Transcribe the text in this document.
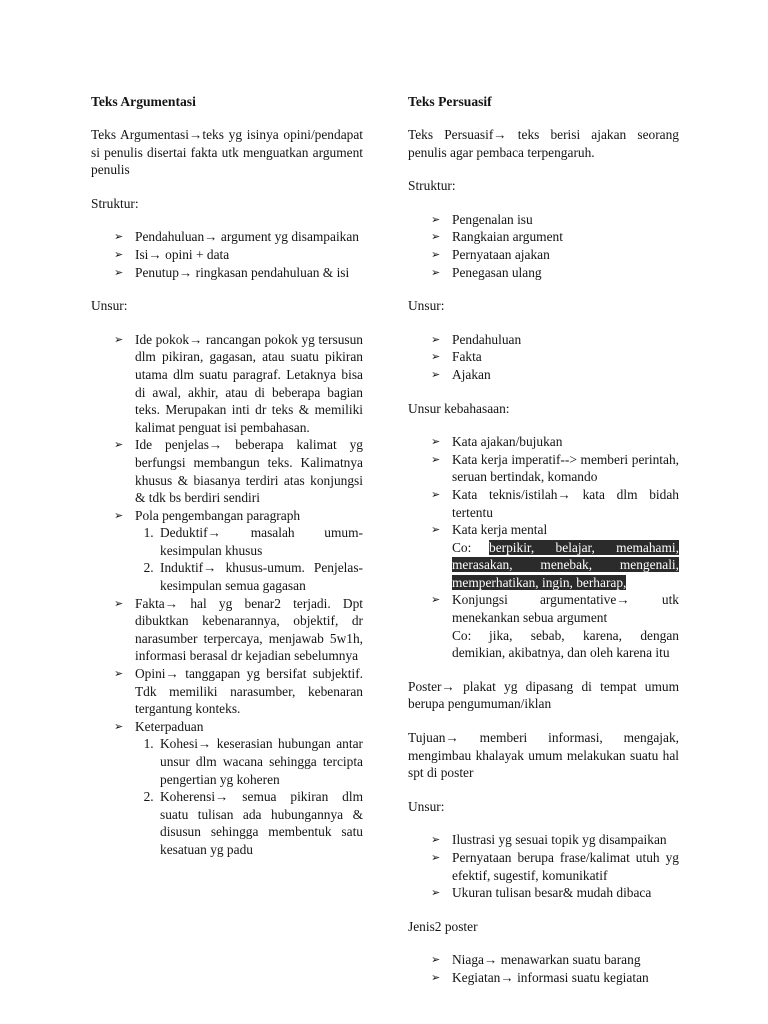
Teks Argumentasi

Teks Argumentasi→teks yg isinya opini/pendapat si penulis disertai fakta utk menguatkan argument penulis

Struktur:

➢ Pendahuluan→ argument yg disampaikan
➢ Isi→ opini + data
➢ Penutup→ ringkasan pendahuluan & isi

Unsur:

➢ Ide pokok→ rancangan pokok yg tersusun dlm pikiran, gagasan, atau suatu pikiran utama dlm suatu paragraf. Letaknya bisa di awal, akhir, atau di beberapa bagian teks. Merupakan inti dr teks & memiliki kalimat penguat isi pembahasan.
➢ Ide penjelas→ beberapa kalimat yg berfungsi membangun teks. Kalimatnya khusus & biasanya terdiri atas konjungsi & tdk bs berdiri sendiri
➢ Pola pengembangan paragraph
1. Deduktif→ masalah umum-kesimpulan khusus
2. Induktif→ khusus-umum. Penjelas-kesimpulan semua gagasan
➢ Fakta→ hal yg benar2 terjadi. Dpt dibuktkan kebenarannya, objektif, dr narasumber terpercaya, menjawab 5w1h, informasi berasal dr kejadian sebelumnya
➢ Opini→ tanggapan yg bersifat subjektif. Tdk memiliki narasumber, kebenaran tergantung konteks.
➢ Keterpaduan
1. Kohesi→ keserasian hubungan antar unsur dlm wacana sehingga tercipta pengertian yg koheren
2. Koherensi→ semua pikiran dlm suatu tulisan ada hubungannya & disusun sehingga membentuk satu kesatuan yg padu
Teks Persuasif

Teks Persuasif→ teks berisi ajakan seorang penulis agar pembaca terpengaruh.

Struktur:

➢ Pengenalan isu
➢ Rangkaian argument
➢ Pernyataan ajakan
➢ Penegasan ulang

Unsur:

➢ Pendahuluan
➢ Fakta
➢ Ajakan

Unsur kebahasaan:

➢ Kata ajakan/bujukan
➢ Kata kerja imperatif--> memberi perintah, seruan bertindak, komando
➢ Kata teknis/istilah→ kata dlm bidah tertentu
➢ Kata kerja mental
Co: berpikir, belajar, memahami, merasakan, menebak, mengenali, memperhatikan, ingin, berharap,
➢ Konjungsi argumentative→ utk menekankan sebua argument
Co: jika, sebab, karena, dengan demikian, akibatnya, dan oleh karena itu

Poster→ plakat yg dipasang di tempat umum berupa pengumuman/iklan

Tujuan→ memberi informasi, mengajak, mengimbau khalayak umum melakukan suatu hal spt di poster

Unsur:

➢ Ilustrasi yg sesuai topik yg disampaikan
➢ Pernyataan berupa frase/kalimat utuh yg efektif, sugestif, komunikatif
➢ Ukuran tulisan besar& mudah dibaca

Jenis2 poster

➢ Niaga→ menawarkan suatu barang
➢ Kegiatan→ informasi suatu kegiatan
